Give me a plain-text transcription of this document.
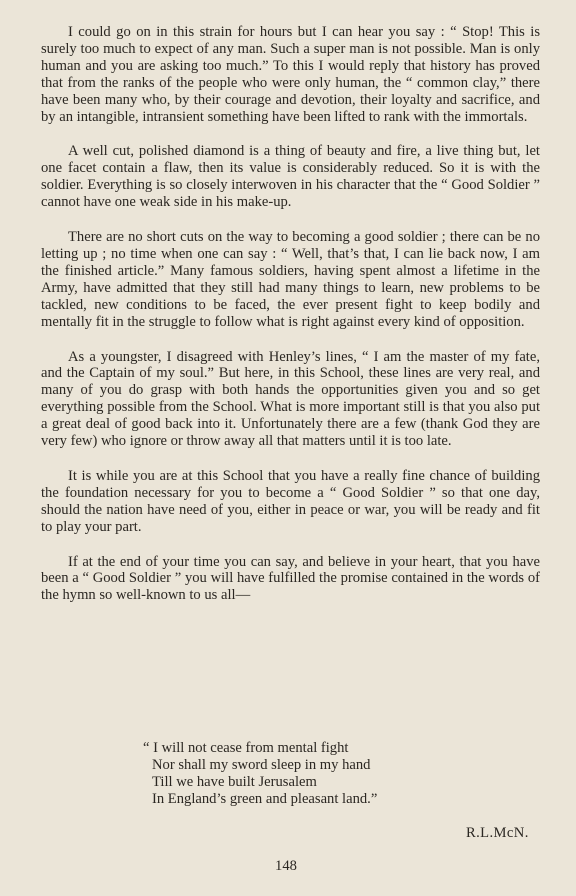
I could go on in this strain for hours but I can hear you say : “ Stop! This is surely too much to expect of any man. Such a super man is not possible. Man is only human and you are asking too much.” To this I would reply that history has proved that from the ranks of the people who were only human, the “ common clay,” there have been many who, by their courage and devotion, their loyalty and sacrifice, and by an intangible, intransient something have been lifted to rank with the immortals.

A well cut, polished diamond is a thing of beauty and fire, a live thing but, let one facet contain a flaw, then its value is considerably reduced. So it is with the soldier. Everything is so closely interwoven in his character that the “ Good Soldier ” cannot have one weak side in his make-up.

There are no short cuts on the way to becoming a good soldier ; there can be no letting up ; no time when one can say : “ Well, that’s that, I can lie back now, I am the finished article.” Many famous soldiers, having spent almost a lifetime in the Army, have admitted that they still had many things to learn, new problems to be tackled, new conditions to be faced, the ever present fight to keep bodily and mentally fit in the struggle to follow what is right against every kind of opposition.

As a youngster, I disagreed with Henley’s lines, “ I am the master of my fate, and the Captain of my soul.” But here, in this School, these lines are very real, and many of you do grasp with both hands the opportunities given you and so get everything possible from the School. What is more important still is that you also put a great deal of good back into it. Unfortunately there are a few (thank God they are very few) who ignore or throw away all that matters until it is too late.

It is while you are at this School that you have a really fine chance of building the foundation necessary for you to become a “ Good Soldier ” so that one day, should the nation have need of you, either in peace or war, you will be ready and fit to play your part.

If at the end of your time you can say, and believe in your heart, that you have been a “ Good Soldier ” you will have fulfilled the promise contained in the words of the hymn so well-known to us all—

“ I will not cease from mental fight
Nor shall my sword sleep in my hand
Till we have built Jerusalem
In England’s green and pleasant land.”
R.L.McN.
148
